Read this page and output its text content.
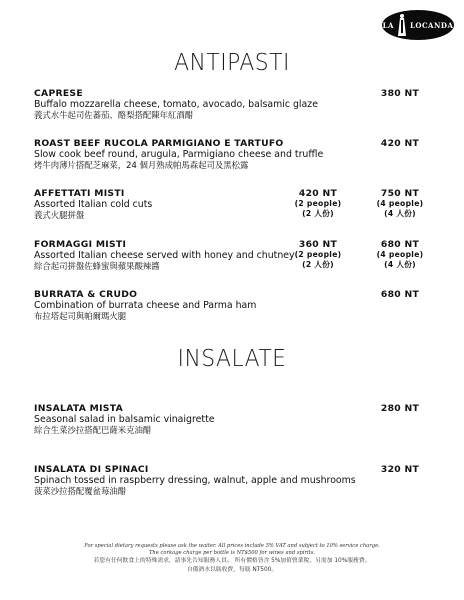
LA LOCANDA
ANTIPASTI
CAPRESE
Buffalo mozzarella cheese, tomato, avocado, balsamic glaze
義式水牛起司佐蕃茄、酪梨搭配陳年紅酒醋
380 NT
ROAST BEEF RUCOLA PARMIGIANO E TARTUFO
Slow cook beef round, arugula, Parmigiano cheese and truffle
烤牛肉薄片搭配芝麻菜，24 個月熟成帕馬森起司及黑松露
420 NT
AFFETTATI MISTI
Assorted Italian cold cuts
義式火腿拼盤
420 NT
(2 people)
(2 人份)
750 NT
(4 people)
(4 人份)
FORMAGGI MISTI
Assorted Italian cheese served with honey and chutney
綜合起司拼盤佐蜂蜜與蘋果酸辣醬
360 NT
(2 people)
(2 人份)
680 NT
(4 people)
(4 人份)
BURRATA & CRUDO
Combination of burrata cheese and Parma ham
布拉塔起司與帕爾瑪火腿
680 NT
INSALATE
INSALATA MISTA
Seasonal salad in balsamic vinaigrette
綜合生菜沙拉搭配巴薩米克油醋
280 NT
INSALATA DI SPINACI
Spinach tossed in raspberry dressing, walnut, apple and mushrooms
菠菜沙拉搭配覆盆莓油醋
320 NT
For special dietary requests please ask the waiter. All prices include 5% VAT and subject to 10% service charge.
The corkage charge per bottle is NT$500 for wines and spirits.
若您有任何飲食上的特殊需求，請事先告知服務人員。 所有價格皆含 5%加值營業稅，另需加 10%服務費。
自備酒水以瓶收費，每瓶 NT500。
